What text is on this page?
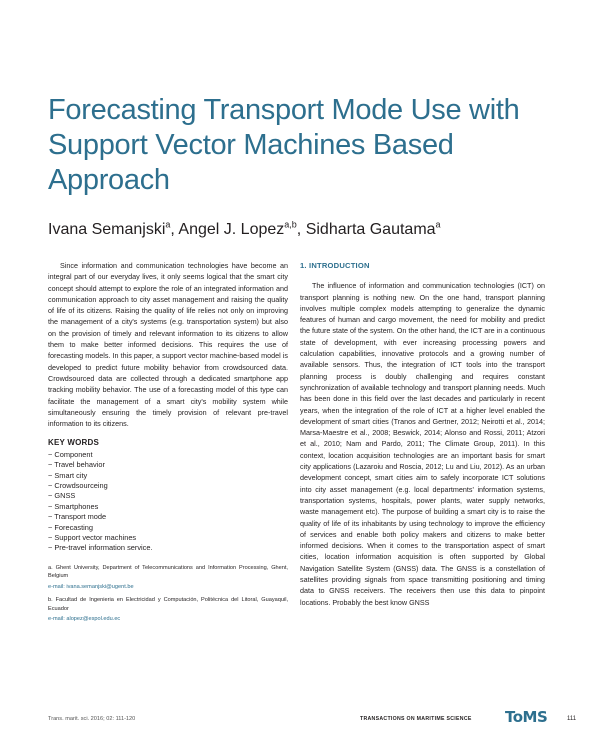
Forecasting Transport Mode Use with Support Vector Machines Based Approach
Ivana Semanjski$^a$, Angel J. Lopez$^{a,b}$, Sidharta Gautama$^a$

Since information and communication technologies have become an integral part of our everyday lives, it only seems logical that the smart city concept should attempt to explore the role of an integrated information and communication approach to city asset management and raising the quality of life of its citizens. Raising the quality of life relies not only on improving the management of a city's systems (e.g. transportation system) but also on the provision of timely and relevant information to its citizens to allow them to make better informed decisions. This requires the use of forecasting models. In this paper, a support vector machine-based model is developed to predict future mobility behavior from crowdsourced data. Crowdsourced data are collected through a dedicated smartphone app tracking mobility behavior. The use of a forecasting model of this type can facilitate the management of a smart city's mobility system while simultaneously ensuring the timely provision of relevant pre-travel information to its citizens.

KEY WORDS
~ Component
~ Travel behavior
~ Smart city
~ Crowdsourceing
~ GNSS
~ Smartphones
~ Transport mode
~ Forecasting
~ Support vector machines
~ Pre-travel information service.

a. Ghent University, Department of Telecommunications and Information Processing, Ghent, Belgium

e-mail: ivana.semanjski@ugent.be

b. Facultad de Ingenieria en Electricidad y Computación, Politécnica del Litoral, Guayaquil, Ecuador

e-mail: alopez@espol.edu.ec

1. INTRODUCTION

The influence of information and communication technologies (ICT) on transport planning is nothing new. On the one hand, transport planning involves multiple complex models attempting to generalize the dynamic features of human and cargo movement, the need for mobility and predict the future state of the system. On the other hand, the ICT are in a continuous state of development, with ever increasing processing powers and calculation capabilities, innovative protocols and a growing number of available sensors. Thus, the integration of ICT tools into the transport planning process is doubly challenging and requires constant synchronization of available technology and transport planning needs. Much has been done in this field over the last decades and particularly in recent years, when the integration of the role of ICT at a higher level enabled the development of smart cities (Tranos and Gertner, 2012; Neirotti et al., 2014; Marsa-Maestre et al., 2008; Beswick, 2014; Alonso and Rossi, 2011; Atzori et al., 2010; Nam and Pardo, 2011; The Climate Group, 2011). In this context, location acquisition technologies are an important basis for smart city applications (Lazaroiu and Roscia, 2012; Lu and Liu, 2012). As an urban development concept, smart cities aim to safely incorporate ICT solutions into city asset management (e.g. local departments' information systems, transportation systems, hospitals, power plants, water supply networks, waste management etc). The purpose of building a smart city is to raise the quality of life of its inhabitants by using technology to improve the efficiency of services and enable both policy makers and citizens to make better informed decisions. When it comes to the transportation aspect of smart cities, location information acquisition is often supported by Global Navigation Satellite System (GNSS) data. The GNSS is a constellation of satellites providing signals from space transmitting positioning and timing data to GNSS receivers. The receivers then use this data to pinpoint locations. Probably the best know GNSS

Trans. marit. sci. 2016; 02: 111-120	TRANSACTIONS ON MARITIME SCIENCE ToMS	111
